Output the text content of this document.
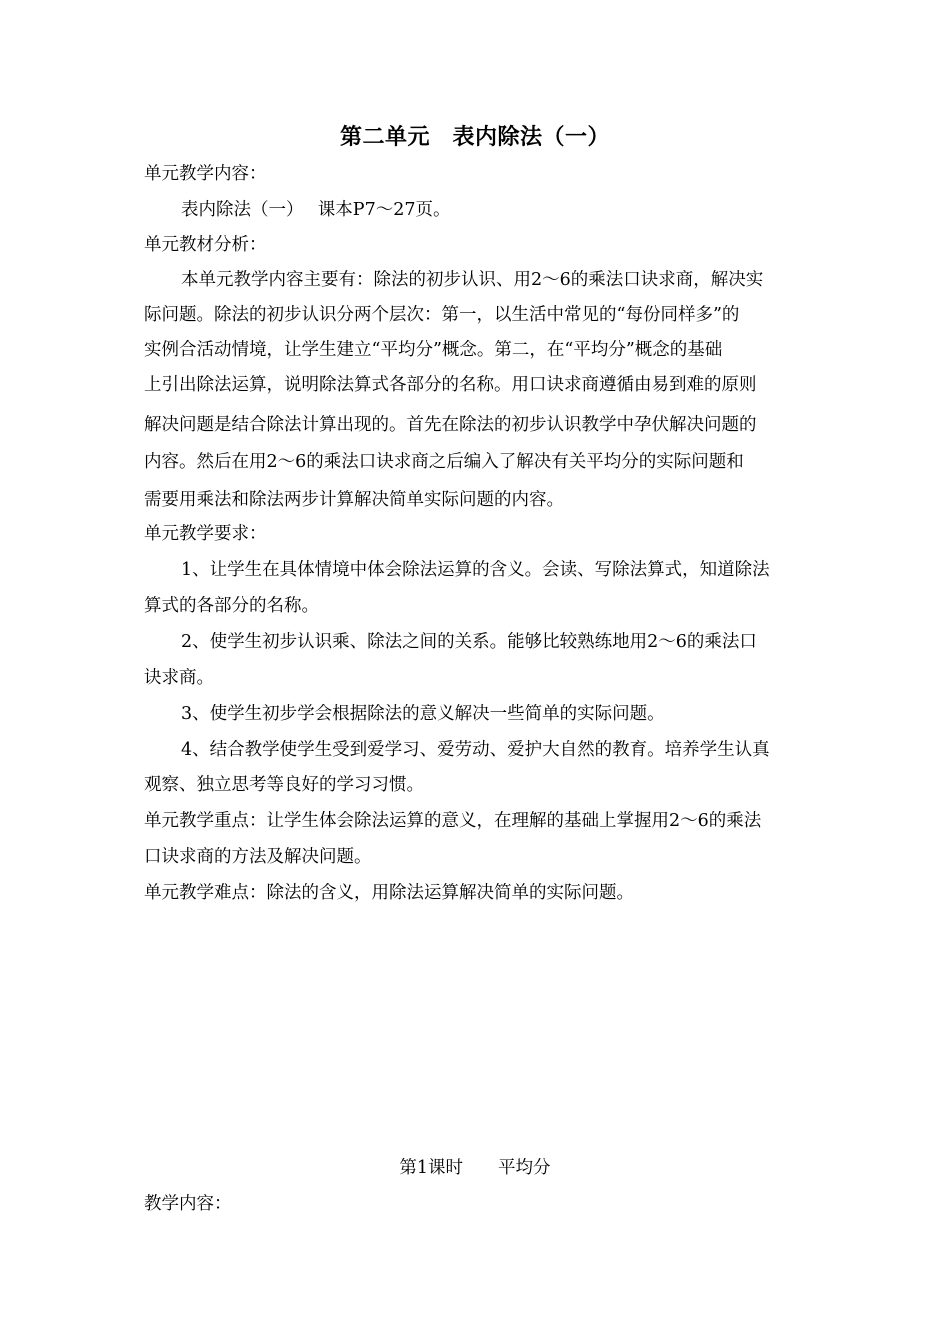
第二单元　表内除法（一）
单元教学内容：
表内除法（一）　 课本P7～27页。
单元教材分析：
本单元教学内容主要有：除法的初步认识、用2～6的乘法口诀求商，解决实
际问题。除法的初步认识分两个层次：第一，以生活中常见的“每份同样多”的
实例合活动情境，让学生建立“平均分”概念。第二，在“平均分”概念的基础
上引出除法运算，说明除法算式各部分的名称。用口诀求商遵循由易到难的原则
解决问题是结合除法计算出现的。首先在除法的初步认识教学中孕伏解决问题的
内容。然后在用2～6的乘法口诀求商之后编入了解决有关平均分的实际问题和
需要用乘法和除法两步计算解决简单实际问题的内容。
单元教学要求：
1、让学生在具体情境中体会除法运算的含义。会读、写除法算式，知道除法
算式的各部分的名称。
2、使学生初步认识乘、除法之间的关系。能够比较熟练地用2～6的乘法口
诀求商。
3、使学生初步学会根据除法的意义解决一些简单的实际问题。
4、结合教学使学生受到爱学习、爱劳动、爱护大自然的教育。培养学生认真
观察、独立思考等良好的学习习惯。
单元教学重点：让学生体会除法运算的意义，在理解的基础上掌握用2～6的乘法
口诀求商的方法及解决问题。
单元教学难点：除法的含义，用除法运算解决简单的实际问题。
第1课时　　平均分
教学内容：
